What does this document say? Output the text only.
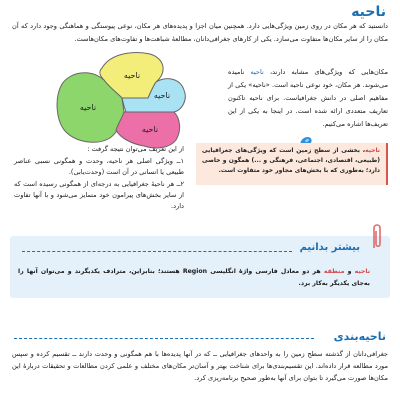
ناحیه
دانستید که هر مکان در روی زمین ویژگی‌هایی دارد. همچنین میان اجزا و پدیده‌های هر مکان، نوعی پیوستگی و هماهنگی وجود دارد که آن مکان را از سایر مکان‌ها متفاوت می‌سازد. یکی از کارهای جغرافی‌دانان، مطالعهٔ شباهت‌ها و تفاوت‌های مکان‌هاست.
مکان‌هایی که ویژگی‌های مشابه دارند، ناحیه نامیده می‌شوند. هر مکان، خود نوعی ناحیه است. «ناحیه» یکی از مفاهیم اصلی در دانش جغرافیاست. برای ناحیه تاکنون تعاریف متعددی ارائه شده است. در اینجا به یکی از این تعریف‌ها اشاره می‌کنیم.
ناحیه
ناحیه
ناحیه
ناحیه
ناحیه، بخشی از سطح زمین است که ویژگی‌های جغرافیایی (طبیعی، اقتصادی، اجتماعی، فرهنگی و ...) همگون و خاصی دارد؛ به‌طوری که با بخش‌های مجاور خود متفاوت است.
از این تعریف می‌توان نتیجه گرفت :
۱ــ ویژگی اصلی هر ناحیه، وحدت و همگونی نسبی عناصر طبیعی یا انسانی در آن است (وحدت‌یابی).
۲ــ هر ناحیهٔ جغرافیایی به درجه‌ای از همگونی رسیده است که از سایر بخش‌های پیرامون خود متمایز می‌شود و با آنها تفاوت دارد.
بیشتر بدانیم
ناحیه و منطقه هر دو معادل فارسی واژهٔ انگلیسی Region هستند؛ بنابراین، مترادف یکدیگرند و می‌توان آنها را به‌جای یکدیگر به‌کار برد.
ناحیه‌بندی
جغرافی‌دانان از گذشته سطح زمین را به واحدهای جغرافیایی ــ که در آنها پدیده‌ها با هم همگونی و وحدت دارند ــ تقسیم کرده و سپس مورد مطالعه قرار داده‌اند. این تقسیم‌بندی‌ها برای شناخت بهتر و آسان‌تر مکان‌های مختلف و علمی کردن مطالعات و تحقیقات دربارهٔ این مکان‌ها صورت می‌گیرد تا بتوان برای آنها به‌طور صحیح برنامه‌ریزی کرد.
